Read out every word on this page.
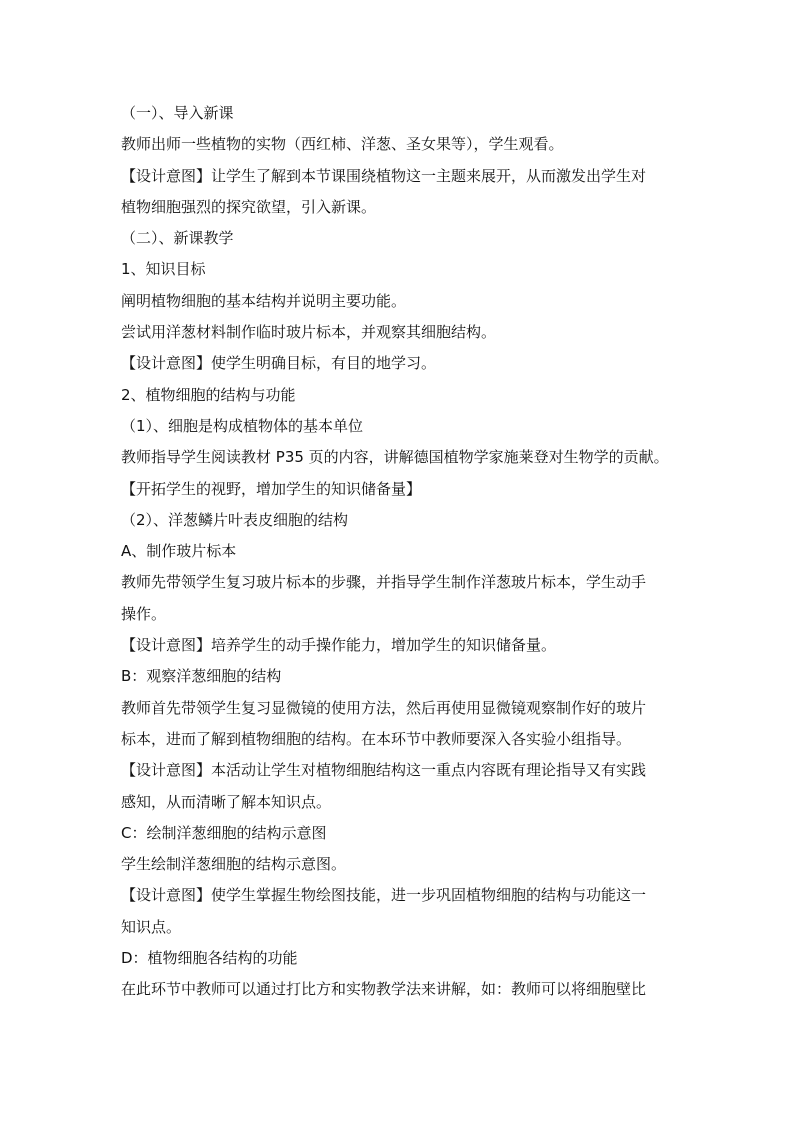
（一）、导入新课

教师出师一些植物的实物（西红柿、洋葱、圣女果等），学生观看。

【设计意图】让学生了解到本节课围绕植物这一主题来展开，从而激发出学生对

植物细胞强烈的探究欲望，引入新课。

（二）、新课教学

1、知识目标

阐明植物细胞的基本结构并说明主要功能。

尝试用洋葱材料制作临时玻片标本，并观察其细胞结构。

【设计意图】使学生明确目标，有目的地学习。

2、植物细胞的结构与功能

（1）、细胞是构成植物体的基本单位

教师指导学生阅读教材 P35 页的内容，讲解德国植物学家施莱登对生物学的贡献。

【开拓学生的视野，增加学生的知识储备量】

（2）、洋葱鳞片叶表皮细胞的结构

A、制作玻片标本

教师先带领学生复习玻片标本的步骤，并指导学生制作洋葱玻片标本，学生动手

操作。

【设计意图】培养学生的动手操作能力，增加学生的知识储备量。

B：观察洋葱细胞的结构

教师首先带领学生复习显微镜的使用方法，然后再使用显微镜观察制作好的玻片

标本，进而了解到植物细胞的结构。在本环节中教师要深入各实验小组指导。

【设计意图】本活动让学生对植物细胞结构这一重点内容既有理论指导又有实践

感知，从而清晰了解本知识点。

C：绘制洋葱细胞的结构示意图

学生绘制洋葱细胞的结构示意图。

【设计意图】使学生掌握生物绘图技能，进一步巩固植物细胞的结构与功能这一

知识点。

D：植物细胞各结构的功能

在此环节中教师可以通过打比方和实物教学法来讲解，如：教师可以将细胞壁比
